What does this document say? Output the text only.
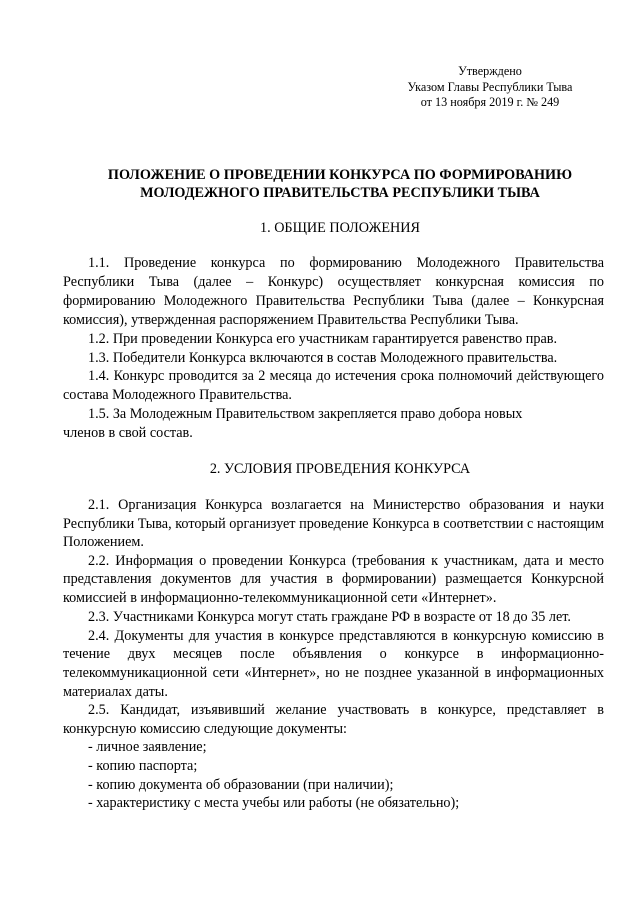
Утверждено
Указом Главы Республики Тыва
от 13 ноября 2019 г. № 249
ПОЛОЖЕНИЕ О ПРОВЕДЕНИИ КОНКУРСА ПО ФОРМИРОВАНИЮ
МОЛОДЕЖНОГО ПРАВИТЕЛЬСТВА РЕСПУБЛИКИ ТЫВА
1. ОБЩИЕ ПОЛОЖЕНИЯ

1.1. Проведение конкурса по формированию Молодежного Правительства Республики Тыва (далее – Конкурс) осуществляет конкурсная комиссия по формированию Молодежного Правительства Республики Тыва (далее – Конкурсная комиссия), утвержденная распоряжением Правительства Республики Тыва.

1.2. При проведении Конкурса его участникам гарантируется равенство прав.

1.3. Победители Конкурса включаются в состав Молодежного правительства.

1.4. Конкурс проводится за 2 месяца до истечения срока полномочий действующего состава Молодежного Правительства.

1.5. За Молодежным Правительством закрепляется право добора новых

членов в свой состав.

2. УСЛОВИЯ ПРОВЕДЕНИЯ КОНКУРСА

2.1. Организация Конкурса возлагается на Министерство образования и науки Республики Тыва, который организует проведение Конкурса в соответствии с настоящим Положением.

2.2. Информация о проведении Конкурса (требования к участникам, дата и место представления документов для участия в формировании) размещается Конкурсной комиссией в информационно-телекоммуникационной сети «Интернет».

2.3. Участниками Конкурса могут стать граждане РФ в возрасте от 18 до 35 лет.

2.4. Документы для участия в конкурсе представляются в конкурсную комиссию в течение двух месяцев после объявления о конкурсе в информационно-телекоммуникационной сети «Интернет», но не позднее указанной в информационных материалах даты.

2.5. Кандидат, изъявивший желание участвовать в конкурсе, представляет в конкурсную комиссию следующие документы:

- личное заявление;

- копию паспорта;

- копию документа об образовании (при наличии);

- характеристику с места учебы или работы (не обязательно);
